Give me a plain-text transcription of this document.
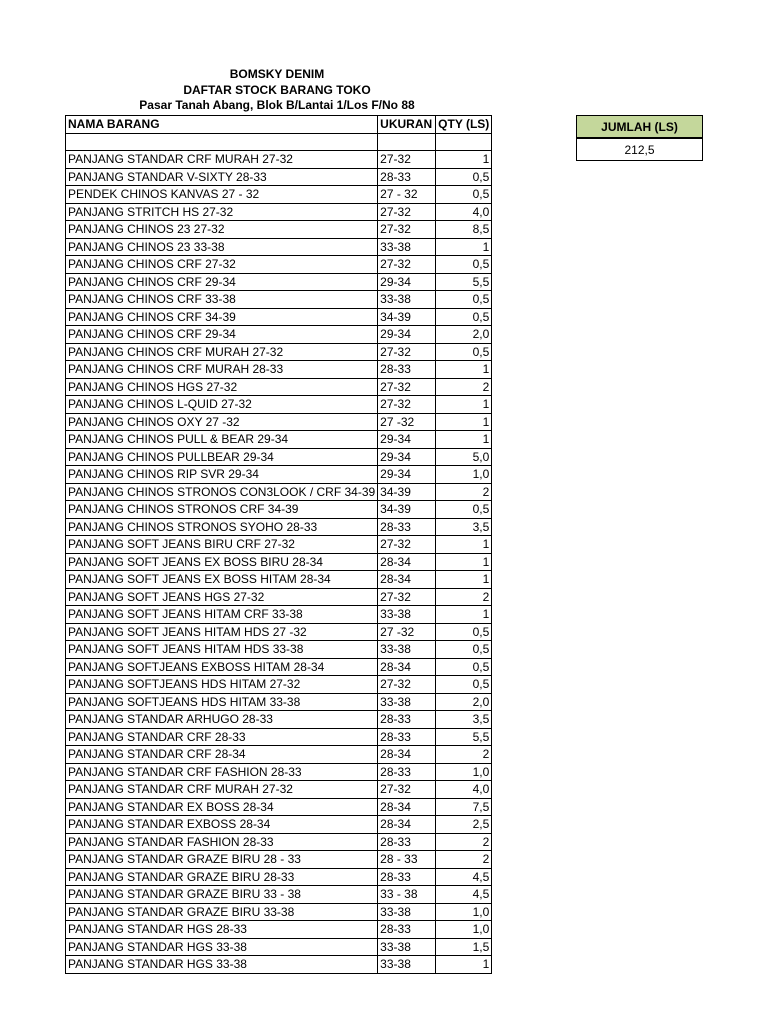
BOMSKY DENIM
DAFTAR STOCK BARANG TOKO
Pasar Tanah Abang, Blok B/Lantai 1/Los F/No 88
NAMA BARANG	UKURAN	QTY (LS)

PANJANG STANDAR CRF MURAH 27-32	27-32	1
PANJANG STANDAR V-SIXTY 28-33	28-33	0,5
PENDEK CHINOS KANVAS 27 - 32	27 - 32	0,5
PANJANG STRITCH HS 27-32	27-32	4,0
PANJANG CHINOS 23 27-32	27-32	8,5
PANJANG CHINOS 23 33-38	33-38	1
PANJANG CHINOS CRF 27-32	27-32	0,5
PANJANG CHINOS CRF 29-34	29-34	5,5
PANJANG CHINOS CRF 33-38	33-38	0,5
PANJANG CHINOS CRF 34-39	34-39	0,5
PANJANG CHINOS CRF 29-34	29-34	2,0
PANJANG CHINOS CRF MURAH 27-32	27-32	0,5
PANJANG CHINOS CRF MURAH 28-33	28-33	1
PANJANG CHINOS HGS 27-32	27-32	2
PANJANG CHINOS L-QUID 27-32	27-32	1
PANJANG CHINOS OXY 27 -32	27 -32	1
PANJANG CHINOS PULL & BEAR 29-34	29-34	1
PANJANG CHINOS PULLBEAR 29-34	29-34	5,0
PANJANG CHINOS RIP SVR 29-34	29-34	1,0
PANJANG CHINOS STRONOS CON3LOOK / CRF 34-39	34-39	2
PANJANG CHINOS STRONOS CRF 34-39	34-39	0,5
PANJANG CHINOS STRONOS SYOHO 28-33	28-33	3,5
PANJANG SOFT JEANS BIRU CRF 27-32	27-32	1
PANJANG SOFT JEANS EX BOSS BIRU 28-34	28-34	1
PANJANG SOFT JEANS EX BOSS HITAM 28-34	28-34	1
PANJANG SOFT JEANS HGS 27-32	27-32	2
PANJANG SOFT JEANS HITAM CRF 33-38	33-38	1
PANJANG SOFT JEANS HITAM HDS 27 -32	27 -32	0,5
PANJANG SOFT JEANS HITAM HDS 33-38	33-38	0,5
PANJANG SOFTJEANS EXBOSS HITAM 28-34	28-34	0,5
PANJANG SOFTJEANS HDS HITAM 27-32	27-32	0,5
PANJANG SOFTJEANS HDS HITAM 33-38	33-38	2,0
PANJANG STANDAR ARHUGO 28-33	28-33	3,5
PANJANG STANDAR CRF 28-33	28-33	5,5
PANJANG STANDAR CRF 28-34	28-34	2
PANJANG STANDAR CRF FASHION 28-33	28-33	1,0
PANJANG STANDAR CRF MURAH 27-32	27-32	4,0
PANJANG STANDAR EX BOSS 28-34	28-34	7,5
PANJANG STANDAR EXBOSS 28-34	28-34	2,5
PANJANG STANDAR FASHION 28-33	28-33	2
PANJANG STANDAR GRAZE BIRU 28 - 33	28 - 33	2
PANJANG STANDAR GRAZE BIRU 28-33	28-33	4,5
PANJANG STANDAR GRAZE BIRU 33 - 38	33 - 38	4,5
PANJANG STANDAR GRAZE BIRU 33-38	33-38	1,0
PANJANG STANDAR HGS 28-33	28-33	1,0
PANJANG STANDAR HGS 33-38	33-38	1,5
PANJANG STANDAR HGS 33-38	33-38	1
JUMLAH (LS)
212,5
